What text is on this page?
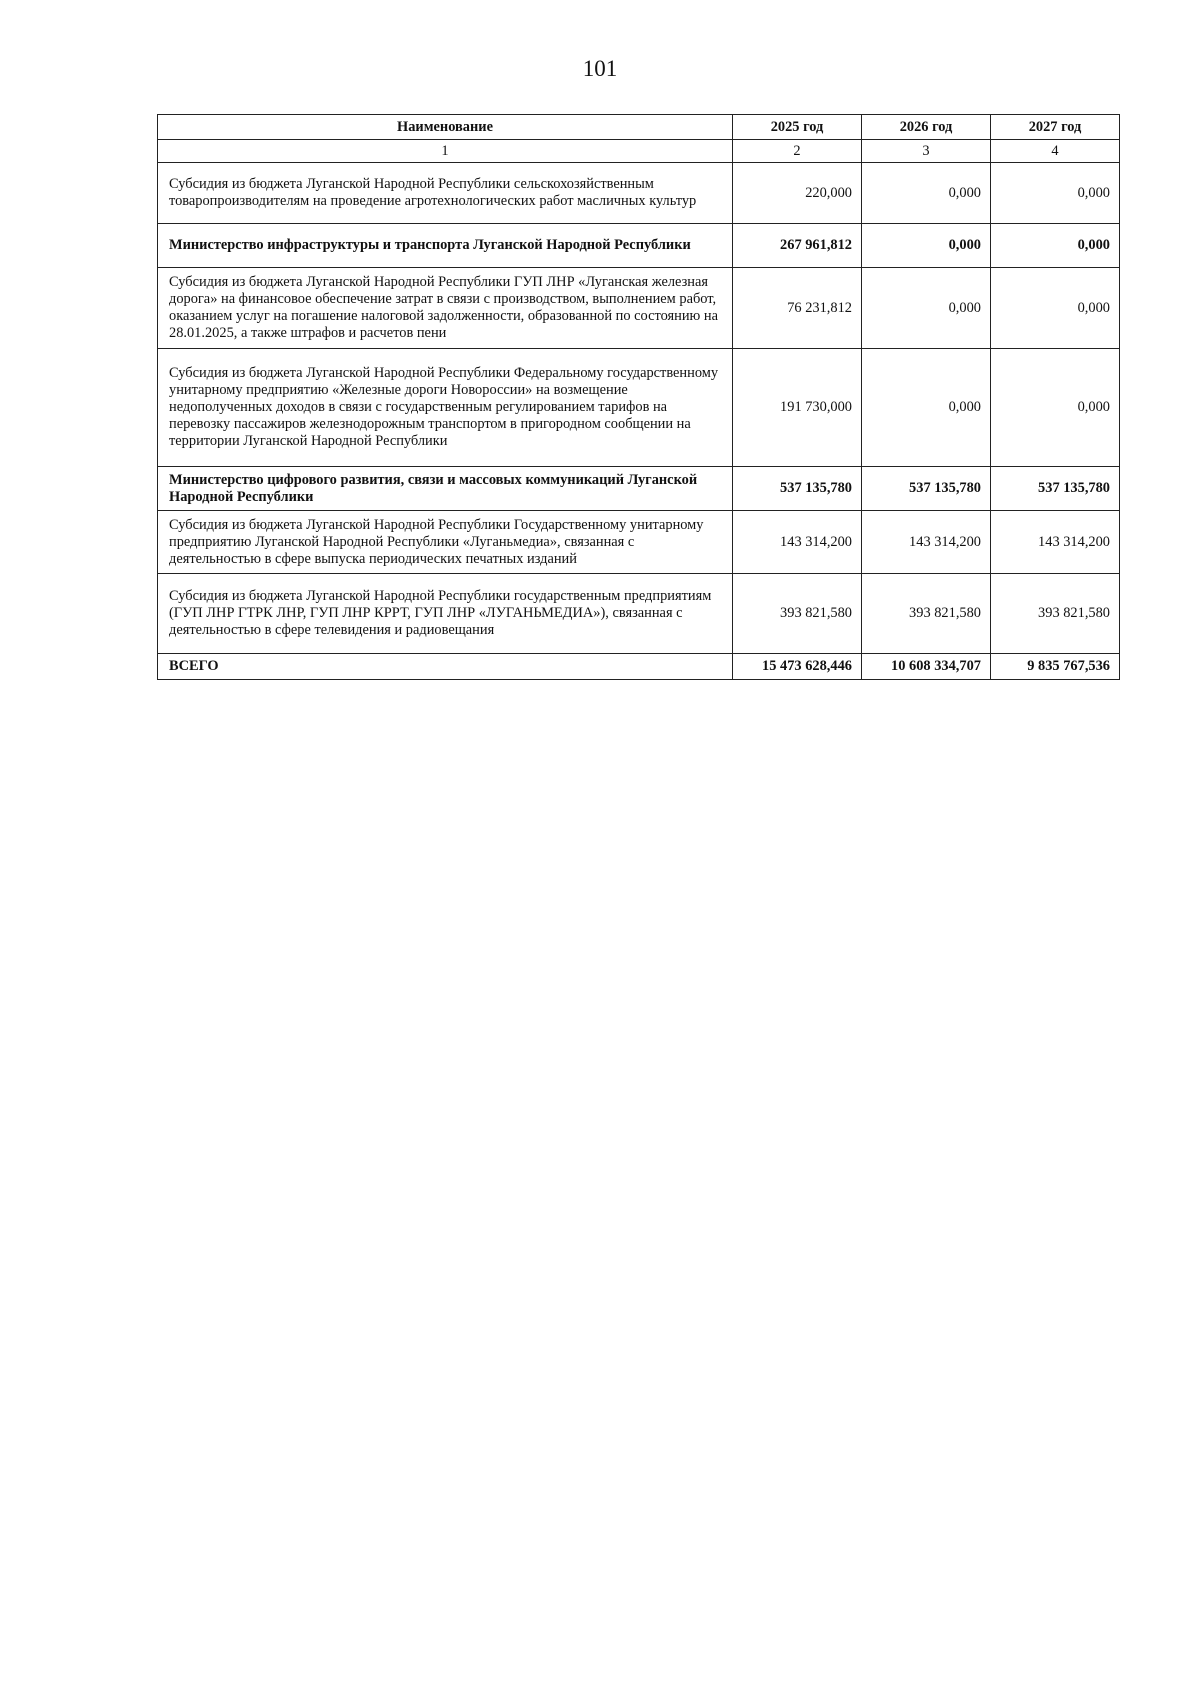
101
Наименование	2025 год	2026 год	2027 год
1	2	3	4
Субсидия из бюджета Луганской Народной Республики сельскохозяйственным товаропроизводителям на проведение агротехнологических работ масличных культур	220,000	0,000	0,000
Министерство инфраструктуры и транспорта Луганской Народной Республики	267 961,812	0,000	0,000
Субсидия из бюджета Луганской Народной Республики ГУП ЛНР «Луганская железная дорога» на финансовое обеспечение затрат в связи с производством, выполнением работ, оказанием услуг на погашение налоговой задолженности, образованной по состоянию на 28.01.2025, а также штрафов и расчетов пени	76 231,812	0,000	0,000
Субсидия из бюджета Луганской Народной Республики Федеральному государственному унитарному предприятию «Железные дороги Новороссии» на возмещение недополученных доходов в связи с государственным регулированием тарифов на перевозку пассажиров железнодорожным транспортом в пригородном сообщении на территории Луганской Народной Республики	191 730,000	0,000	0,000
Министерство цифрового развития, связи и массовых коммуникаций Луганской Народной Республики	537 135,780	537 135,780	537 135,780
Субсидия из бюджета Луганской Народной Республики Государственному унитарному предприятию Луганской Народной Республики «Луганьмедиа», связанная с деятельностью в сфере выпуска периодических печатных изданий	143 314,200	143 314,200	143 314,200
Субсидия из бюджета Луганской Народной Республики государственным предприятиям (ГУП ЛНР ГТРК ЛНР, ГУП ЛНР КРРТ, ГУП ЛНР «ЛУГАНЬМЕДИА»), связанная с деятельностью в сфере телевидения и радиовещания	393 821,580	393 821,580	393 821,580
ВСЕГО	15 473 628,446	10 608 334,707	9 835 767,536
